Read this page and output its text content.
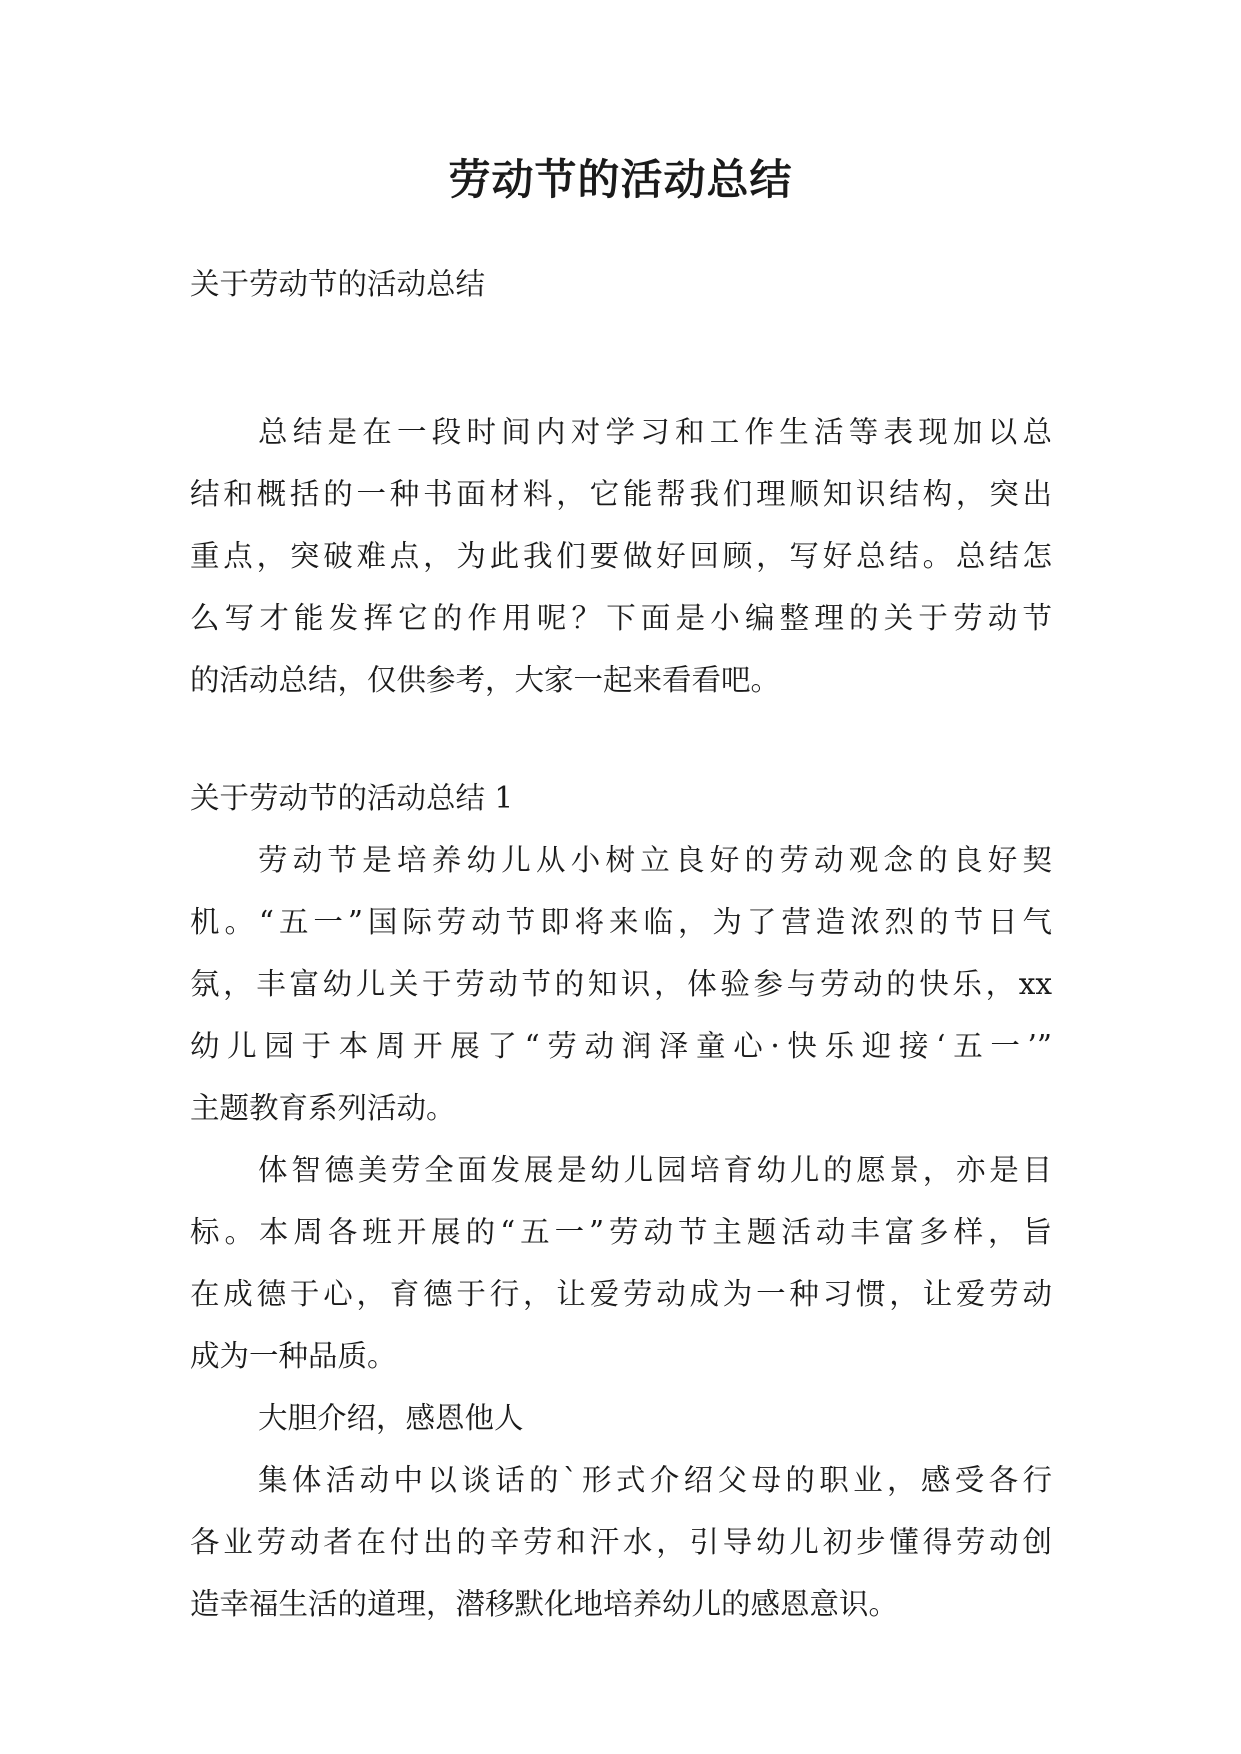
劳动节的活动总结
关于劳动节的活动总结
总结是在一段时间内对学习和工作生活等表现加以总
结和概括的一种书面材料，它能帮我们理顺知识结构，突出
重点，突破难点，为此我们要做好回顾，写好总结。总结怎
么写才能发挥它的作用呢？下面是小编整理的关于劳动节
的活动总结，仅供参考，大家一起来看看吧。
关于劳动节的活动总结 1
劳动节是培养幼儿从小树立良好的劳动观念的良好契
机。“五一”国际劳动节即将来临，为了营造浓烈的节日气
氛，丰富幼儿关于劳动节的知识，体验参与劳动的快乐，xx
幼儿园于本周开展了“劳动润泽童心·快乐迎接‘五一’”
主题教育系列活动。
体智德美劳全面发展是幼儿园培育幼儿的愿景，亦是目
标。本周各班开展的“五一”劳动节主题活动丰富多样，旨
在成德于心，育德于行，让爱劳动成为一种习惯，让爱劳动
成为一种品质。
大胆介绍，感恩他人
集体活动中以谈话的`形式介绍父母的职业，感受各行
各业劳动者在付出的辛劳和汗水，引导幼儿初步懂得劳动创
造幸福生活的道理，潜移默化地培养幼儿的感恩意识。
